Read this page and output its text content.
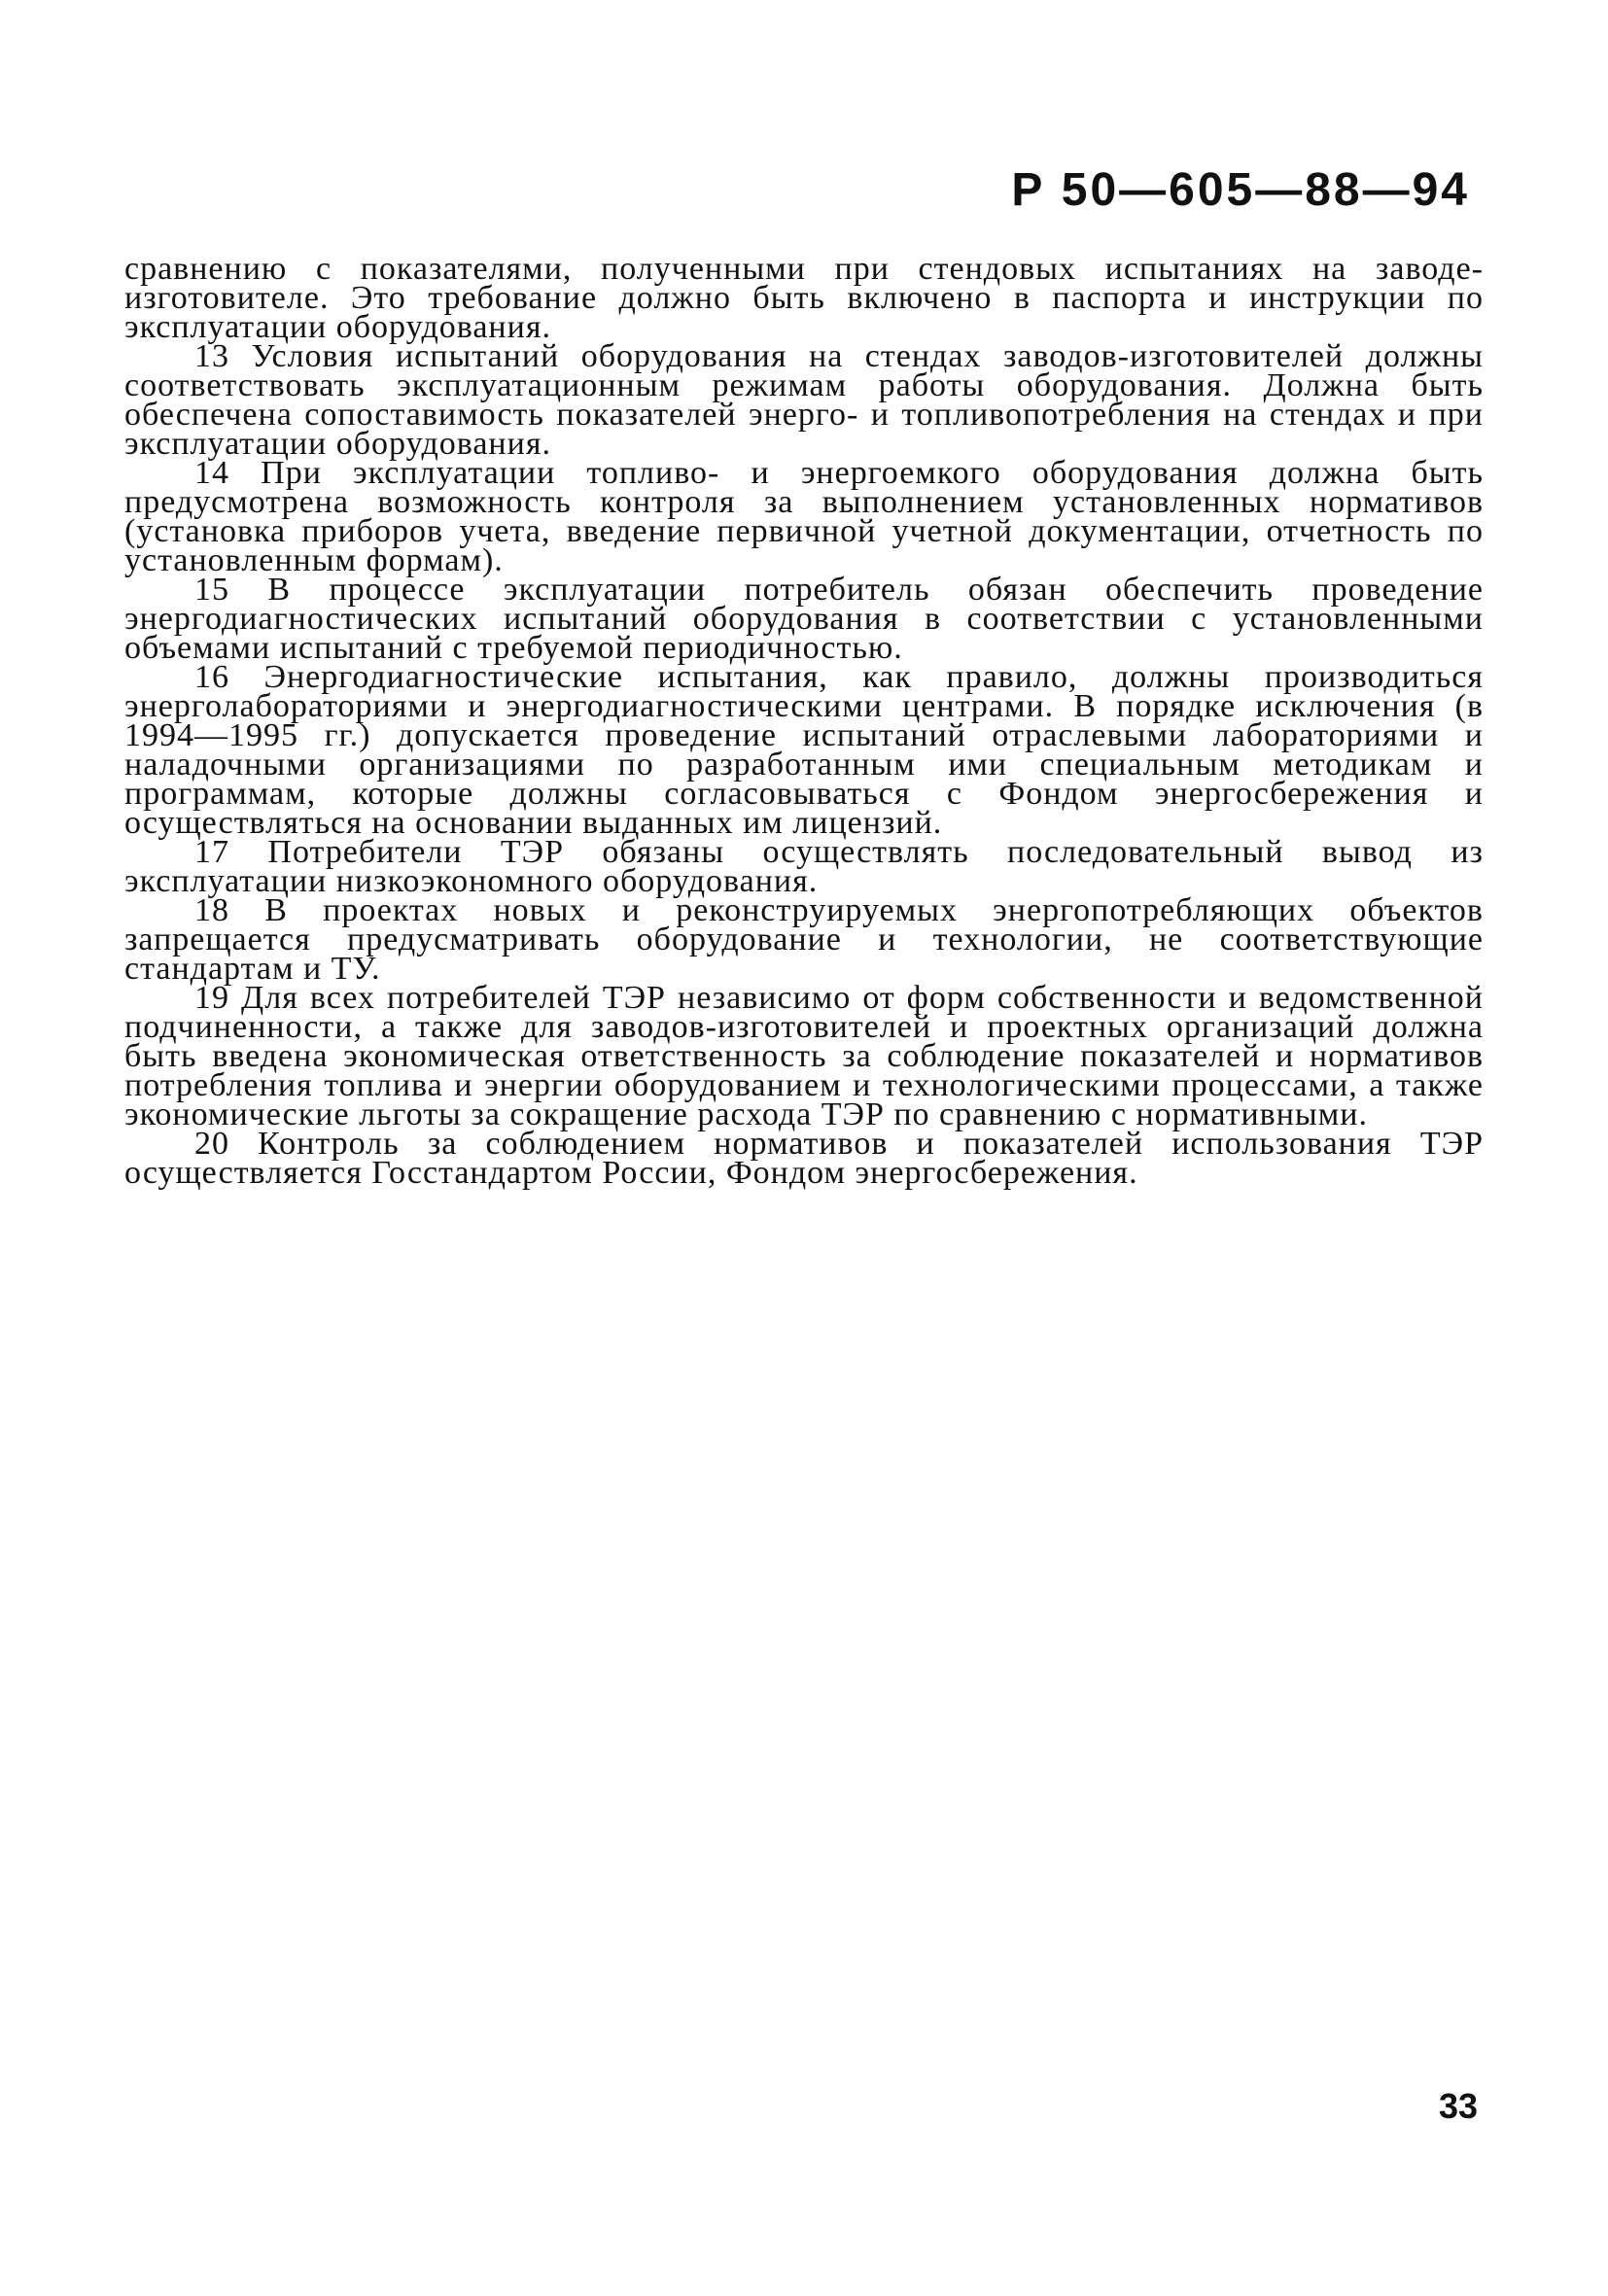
Р 50—605—88—94

сравнению с показателями, полученными при стендовых испытаниях на заводе-изготовителе. Это требование должно быть включено в паспорта и инструкции по эксплуатации оборудования.

13 Условия испытаний оборудования на стендах заводов-изготовителей должны соответствовать эксплуатационным режимам работы оборудования. Должна быть обеспечена сопоставимость показателей энерго- и топливопотребления на стендах и при эксплуатации оборудования.

14 При эксплуатации топливо- и энергоемкого оборудования должна быть предусмотрена возможность контроля за выполнением установленных нормативов (установка приборов учета, введение первичной учетной документации, отчетность по установленным формам).

15 В процессе эксплуатации потребитель обязан обеспечить проведение энергодиагностических испытаний оборудования в соответствии с установленными объемами испытаний с требуемой периодичностью.

16 Энергодиагностические испытания, как правило, должны производиться энерголабораториями и энергодиагностическими центрами. В порядке исключения (в 1994—1995 гг.) допускается проведение испытаний отраслевыми лабораториями и наладочными организациями по разработанным ими специальным методикам и программам, которые должны согласовываться с Фондом энергосбережения и осуществляться на основании выданных им лицензий.

17 Потребители ТЭР обязаны осуществлять последовательный вывод из эксплуатации низкоэкономного оборудования.

18 В проектах новых и реконструируемых энергопотребляющих объектов запрещается предусматривать оборудование и технологии, не соответствующие стандартам и ТУ.

19 Для всех потребителей ТЭР независимо от форм собственности и ведомственной подчиненности, а также для заводов-изготовителей и проектных организаций должна быть введена экономическая ответственность за соблюдение показателей и нормативов потребления топлива и энергии оборудованием и технологическими процессами, а также экономические льготы за сокращение расхода ТЭР по сравнению с нормативными.

20 Контроль за соблюдением нормативов и показателей использования ТЭР осуществляется Госстандартом России, Фондом энергосбережения.

33
